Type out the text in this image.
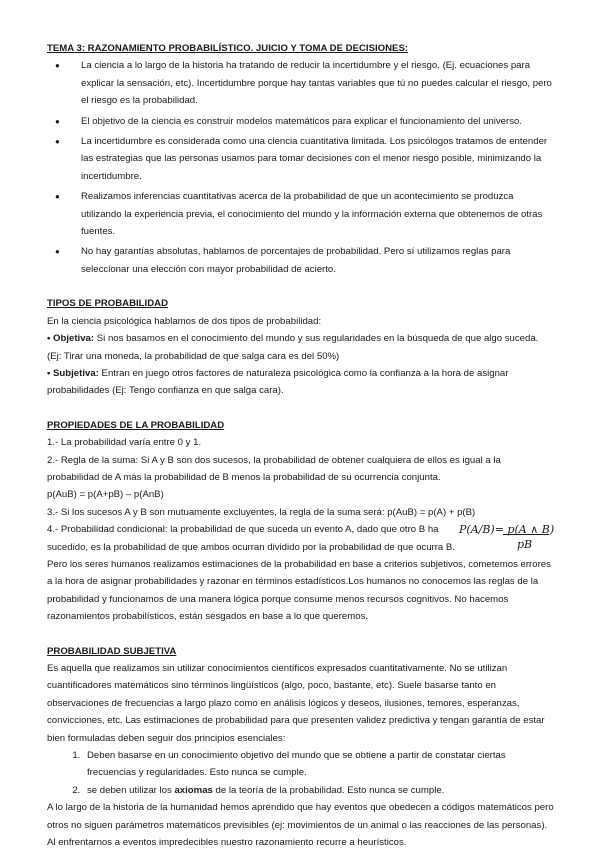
TEMA 3: RAZONAMIENTO PROBABILÍSTICO. JUICIO Y TOMA DE DECISIONES:

● La ciencia a lo largo de la historia ha tratando de reducir la incertidumbre y el riesgo. (Ej. ecuaciones para explicar la sensación, etc). Incertidumbre porque hay tantas variables que tú no puedes calcular el riesgo, pero el riesgo es la probabilidad.
● El objetivo de la ciencia es construir modelos matemáticos para explicar el funcionamiento del universo.
● La incertidumbre es considerada como una ciencia cuantitativa limitada. Los psicólogos tratamos de entender las estrategias que las personas usamos para tomar decisiones con el menor riesgo posible, minimizando la incertidumbre.
● Realizamos inferencias cuantitativas acerca de la probabilidad de que un acontecimiento se produzca utilizando la experiencia previa, el conocimiento del mundo y la información externa que obtenemos de otras fuentes.
● No hay garantías absolutas, hablamos de porcentajes de probabilidad. Pero sí utilizamos reglas para seleccionar una elección con mayor probabilidad de acierto.

TIPOS DE PROBABILIDAD

En la ciencia psicológica hablamos de dos tipos de probabilidad:

• Objetiva: Si nos basamos en el conocimiento del mundo y sus regularidades en la búsqueda de que algo suceda. (Ej: Tirar una moneda, la probabilidad de que salga cara es del 50%)

• Subjetiva: Entran en juego otros factores de naturaleza psicológica como la confianza a la hora de asignar probabilidades (Ej: Tengo confianza en que salga cara).

PROPIEDADES DE LA PROBABILIDAD

1.- La probabilidad varía entre 0 y 1.

2.- Regla de la suma: Si A y B son dos sucesos, la probabilidad de obtener cualquiera de ellos es igual a la probabilidad de A más la probabilidad de B menos la probabilidad de su ocurrencia conjunta.

p(AuB) = p(A+pB) – p(AnB)

3.- Si los sucesos A y B son mutuamente excluyentes, la regla de la suma será: p(AuB) = p(A) + p(B)

4.- Probabilidad condicional: la probabilidad de que suceda un evento A, dado que otro B ha sucedido, es la probabilidad de que ambos ocurran dividido por la probabilidad de que ocurra B.

P(A/B)= p(A ∧ B)
pB

Pero los seres humanos realizamos estimaciones de la probabilidad en base a criterios subjetivos, cometemos errores a la hora de asignar probabilidades y razonar en términos estadísticos.Los humanos no conocemos las reglas de la probabilidad y funcionamos de una manera lógica porque consume menos recursos cognitivos. No hacemos razonamientos probabilísticos, están sesgados en base a lo que queremos.

PROBABILIDAD SUBJETIVA

Es aquella que realizamos sin utilizar conocimientos científicos expresados cuantitativamente. No se utilizan cuantificadores matemáticos sino términos lingüísticos (algo, poco, bastante, etc). Suele basarse tanto en observaciones de frecuencias a largo plazo como en análisis lógicos y deseos, ilusiones, temores, esperanzas, convicciones, etc. Las estimaciones de probabilidad para que presenten validez predictiva y tengan garantía de estar bien formuladas deben seguir dos principios esenciales:

1. Deben basarse en un conocimiento objetivo del mundo que se obtiene a partir de constatar ciertas frecuencias y regularidades. Esto nunca se cumple.
2. se deben utilizar los axiomas de la teoría de la probabilidad. Esto nunca se cumple.

A lo largo de la historia de la humanidad hemos aprendido que hay eventos que obedecen a códigos matemáticos pero otros no siguen parámetros matemáticos previsibles (ej: movimientos de un animal o las reacciones de las personas). Al enfrentarnos a eventos impredecibles nuestro razonamiento recurre a heurísticos.
